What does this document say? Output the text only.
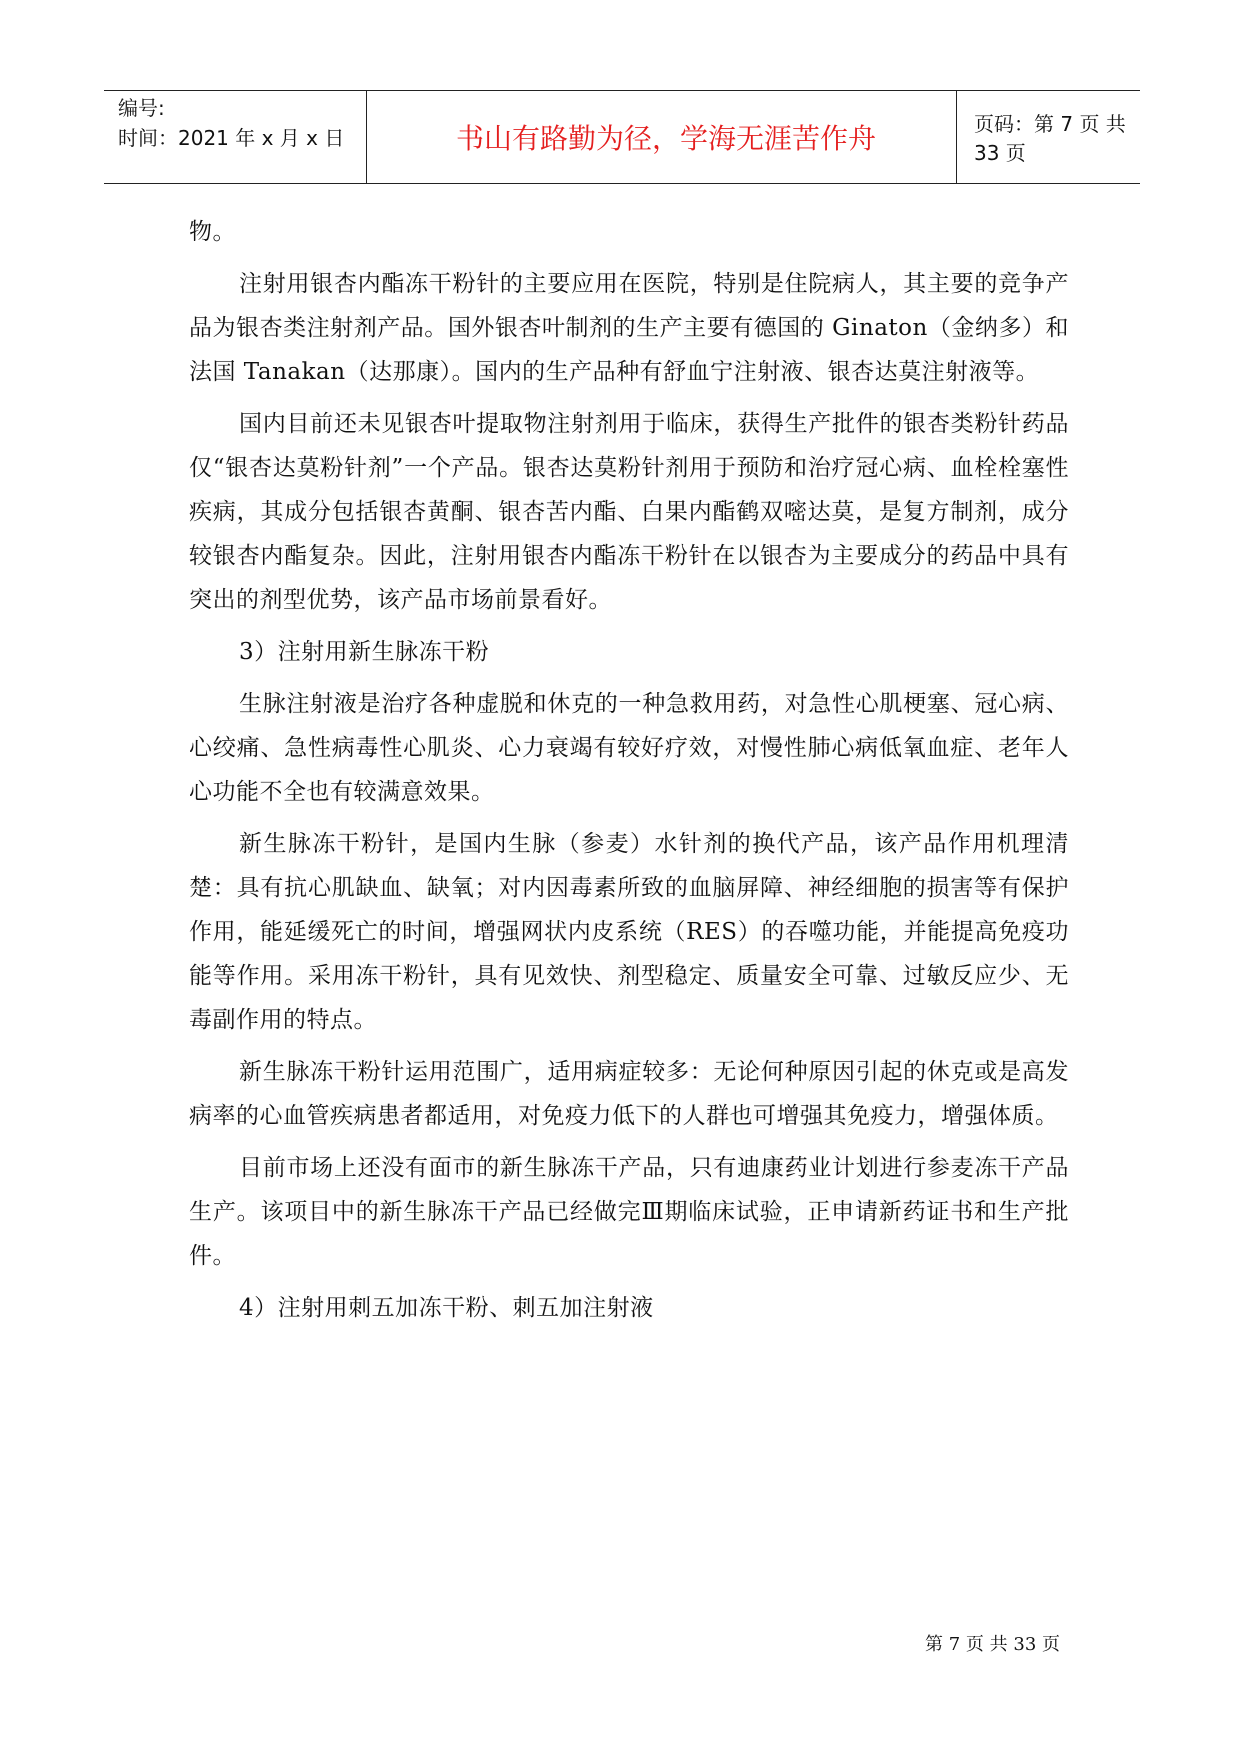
编号:
时间：2021 年 x 月 x 日	书山有路勤为径，学海无涯苦作舟	页码：第 7 页 共 33 页

物。

注射用银杏内酯冻干粉针的主要应用在医院，特别是住院病人，其主要的竞争产品为银杏类注射剂产品。国外银杏叶制剂的生产主要有德国的 Ginaton（金纳多）和法国 Tanakan（达那康）。国内的生产品种有舒血宁注射液、银杏达莫注射液等。

国内目前还未见银杏叶提取物注射剂用于临床，获得生产批件的银杏类粉针药品仅“银杏达莫粉针剂”一个产品。银杏达莫粉针剂用于预防和治疗冠心病、血栓栓塞性疾病，其成分包括银杏黄酮、银杏苦内酯、白果内酯鹤双嘧达莫，是复方制剂，成分较银杏内酯复杂。因此，注射用银杏内酯冻干粉针在以银杏为主要成分的药品中具有突出的剂型优势，该产品市场前景看好。

3）注射用新生脉冻干粉

生脉注射液是治疗各种虚脱和休克的一种急救用药，对急性心肌梗塞、冠心病、心绞痛、急性病毒性心肌炎、心力衰竭有较好疗效，对慢性肺心病低氧血症、老年人心功能不全也有较满意效果。

新生脉冻干粉针，是国内生脉（参麦）水针剂的换代产品，该产品作用机理清楚：具有抗心肌缺血、缺氧；对内因毒素所致的血脑屏障、神经细胞的损害等有保护作用，能延缓死亡的时间，增强网状内皮系统（RES）的吞噬功能，并能提高免疫功能等作用。采用冻干粉针，具有见效快、剂型稳定、质量安全可靠、过敏反应少、无毒副作用的特点。

新生脉冻干粉针运用范围广，适用病症较多：无论何种原因引起的休克或是高发病率的心血管疾病患者都适用，对免疫力低下的人群也可增强其免疫力，增强体质。

目前市场上还没有面市的新生脉冻干产品，只有迪康药业计划进行参麦冻干产品生产。该项目中的新生脉冻干产品已经做完Ⅲ期临床试验，正申请新药证书和生产批件。

4）注射用刺五加冻干粉、刺五加注射液

第 7 页 共 33 页
